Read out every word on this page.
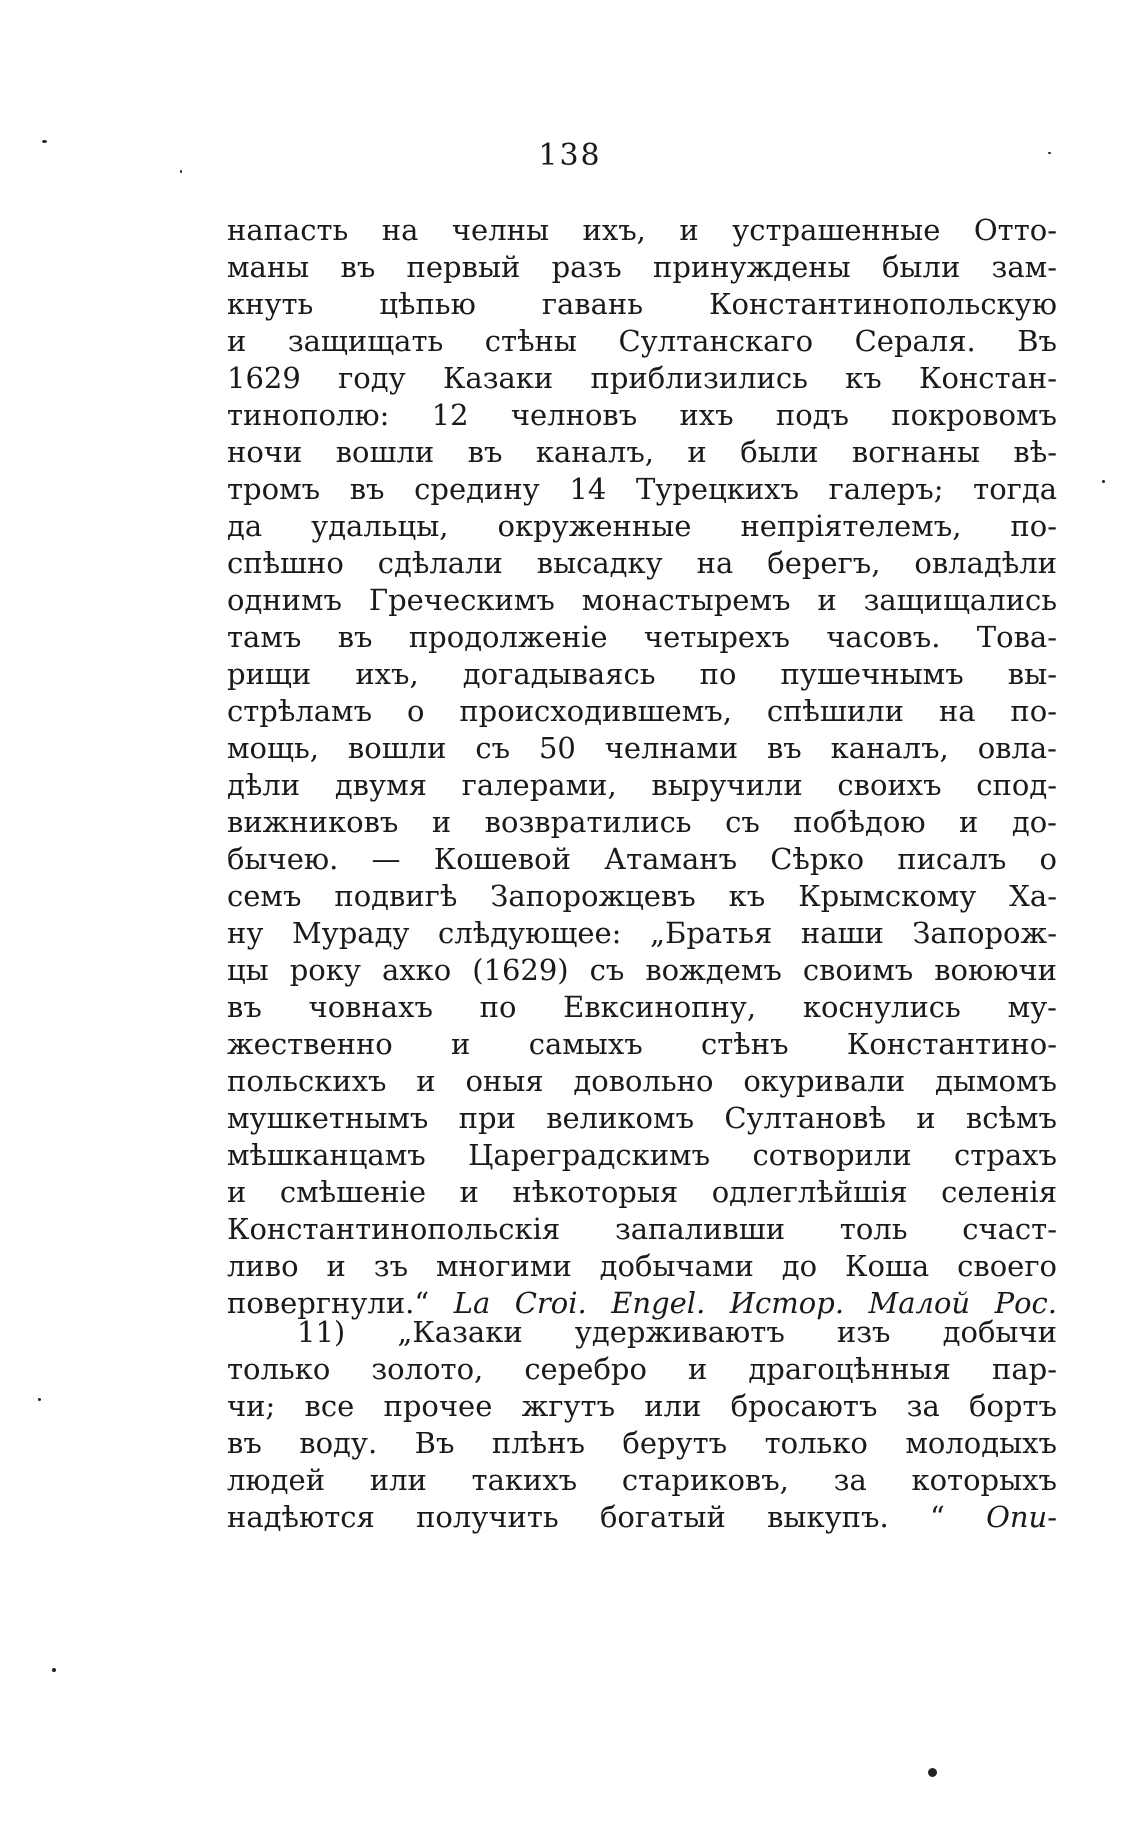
138
напасть на челны ихъ, и устрашенные Отто-
маны въ первый разъ принуждены были зам-
кнуть цѣпью гавань Константинопольскую
и защищать стѣны Султанскаго Сераля. Въ
1629 году Казаки приблизились къ Констан-
тинополю: 12 челновъ ихъ подъ покровомъ
ночи вошли въ каналъ, и были вогнаны вѣ-
тромъ въ средину 14 Турецкихъ галеръ; тогда
да удальцы, окруженные непріятелемъ, по-
спѣшно сдѣлали высадку на берегъ, овладѣли
однимъ Греческимъ монастыремъ и защищались
тамъ въ продолженіе четырехъ часовъ. Това-
рищи ихъ, догадываясь по пушечнымъ вы-
стрѣламъ о происходившемъ, спѣшили на по-
мощь, вошли съ 50 челнами въ каналъ, овла-
дѣли двумя галерами, выручили своихъ спод-
вижниковъ и возвратились съ побѣдою и до-
бычею. — Кошевой Атаманъ Сѣрко писалъ о
семъ подвигѣ Запорожцевъ къ Крымскому Ха-
ну Мураду слѣдующее: „Братья наши Запорож-
цы року ахко (1629) съ вождемъ своимъ воюючи
въ човнахъ по Евксинопну, коснулись му-
жественно и самыхъ стѣнъ Константино-
польскихъ и оныя довольно окуривали дымомъ
мушкетнымъ при великомъ Султановѣ и всѣмъ
мѣшканцамъ Цареградскимъ сотворили страхъ
и смѣшеніе и нѣкоторыя одлеглѣйшія селенія
Константинопольскія запаливши толь счаст-
ливо и зъ многими добычами до Коша своего
повергнули.“ La Croi. Engel. Истор. Малой Рос.
11) „Казаки удерживаютъ изъ добычи
только золото, серебро и драгоцѣнныя пар-
чи; все прочее жгутъ или бросаютъ за бортъ
въ воду. Въ плѣнъ берутъ только молодыхъ
людей или такихъ стариковъ, за которыхъ
надѣются получить богатый выкупъ. “ Опи-
